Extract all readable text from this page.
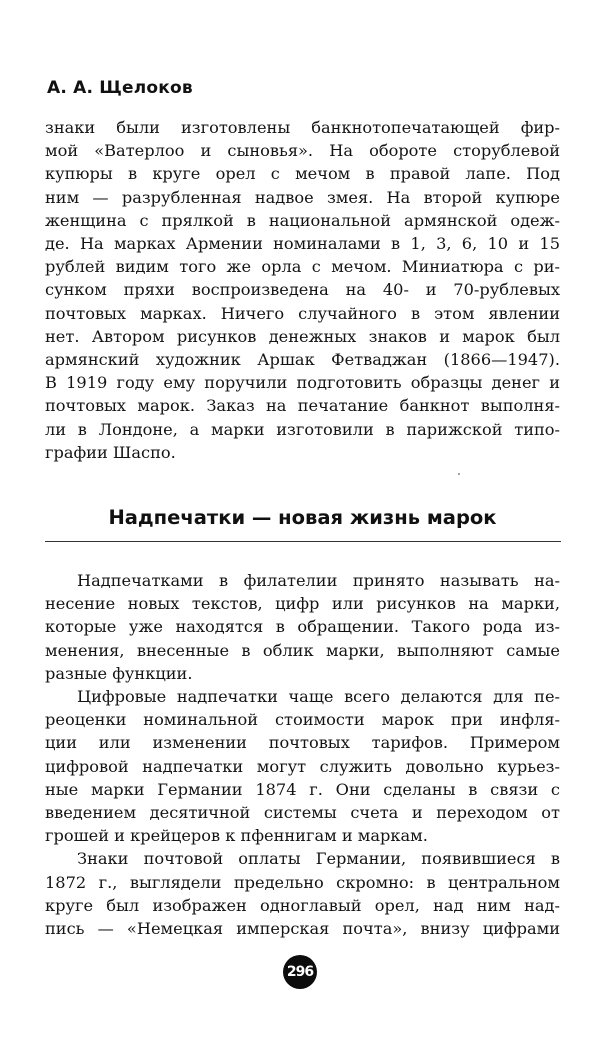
А. А. Щелоков
знаки были изготовлены банкнотопечатающей фир-
мой «Ватерлоо и сыновья». На обороте сторублевой
купюры в круге орел с мечом в правой лапе. Под
ним — разрубленная надвое змея. На второй купюре
женщина с прялкой в национальной армянской одеж-
де. На марках Армении номиналами в 1, 3, 6, 10 и 15
рублей видим того же орла с мечом. Миниатюра с ри-
сунком пряхи воспроизведена на 40- и 70-рублевых
почтовых марках. Ничего случайного в этом явлении
нет. Автором рисунков денежных знаков и марок был
армянский художник Аршак Фетваджан (1866—1947).
В 1919 году ему поручили подготовить образцы денег и
почтовых марок. Заказ на печатание банкнот выполня-
ли в Лондоне, а марки изготовили в парижской типо-
графии Шаспо.
Надпечатки — новая жизнь марок
Надпечатками в филателии принято называть на-
несение новых текстов, цифр или рисунков на марки,
которые уже находятся в обращении. Такого рода из-
менения, внесенные в облик марки, выполняют самые
разные функции.
Цифровые надпечатки чаще всего делаются для пе-
реоценки номинальной стоимости марок при инфля-
ции или изменении почтовых тарифов. Примером
цифровой надпечатки могут служить довольно курьез-
ные марки Германии 1874 г. Они сделаны в связи с
введением десятичной системы счета и переходом от
грошей и крейцеров к пфеннигам и маркам.
Знаки почтовой оплаты Германии, появившиеся в
1872 г., выглядели предельно скромно: в центральном
круге был изображен одноглавый орел, над ним над-
пись — «Немецкая имперская почта», внизу цифрами
296
